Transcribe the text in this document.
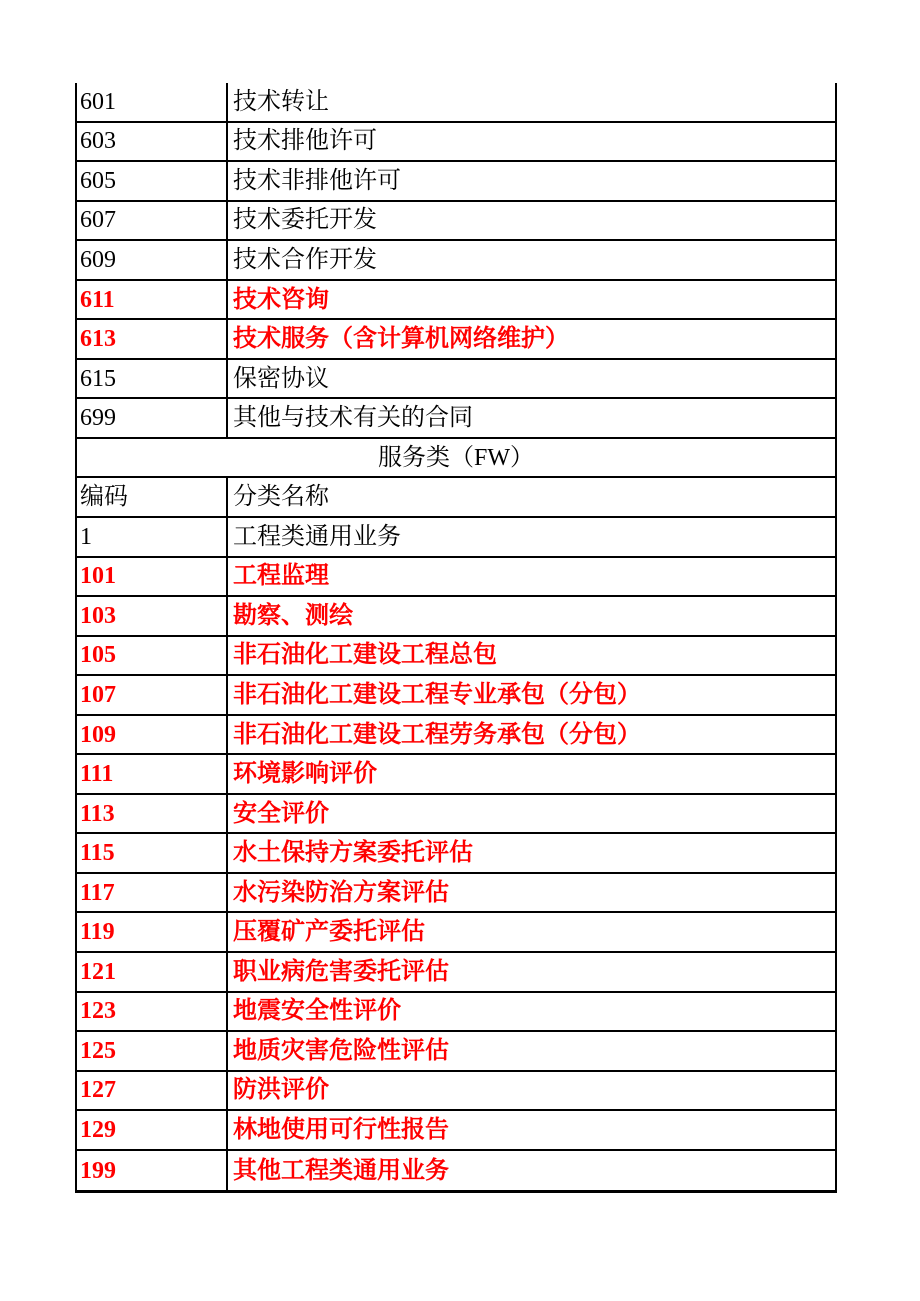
601	技术转让
603	技术排他许可
605	技术非排他许可
607	技术委托开发
609	技术合作开发
611	技术咨询
613	技术服务（含计算机网络维护）
615	保密协议
699	其他与技术有关的合同
服务类（FW）
编码	分类名称
1	工程类通用业务
101	工程监理
103	勘察、测绘
105	非石油化工建设工程总包
107	非石油化工建设工程专业承包（分包）
109	非石油化工建设工程劳务承包（分包）
111	环境影响评价
113	安全评价
115	水土保持方案委托评估
117	水污染防治方案评估
119	压覆矿产委托评估
121	职业病危害委托评估
123	地震安全性评价
125	地质灾害危险性评估
127	防洪评价
129	林地使用可行性报告
199	其他工程类通用业务
